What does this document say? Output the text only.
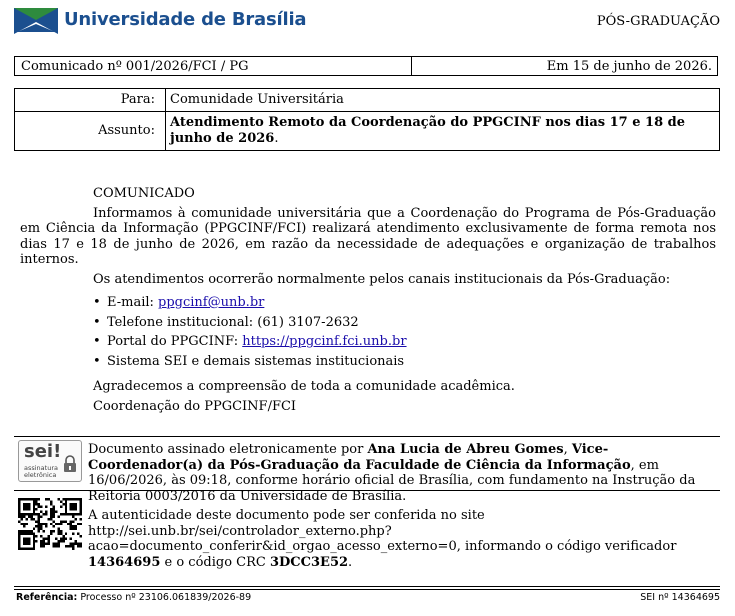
Universidade de Brasília	PÓS-GRADUAÇÃO
Comunicado nº 001/2026/FCI / PG	Em 15 de junho de 2026.
Para:	Comunidade Universitária
Assunto:	Atendimento Remoto da Coordenação do PPGCINF nos dias 17 e 18 de junho de 2026.

COMUNICADO

Informamos à comunidade universitária que a Coordenação do Programa de Pós-Graduação em Ciência da Informação (PPGCINF/FCI) realizará atendimento exclusivamente de forma remota nos dias 17 e 18 de junho de 2026, em razão da necessidade de adequações e organização de trabalhos internos.

Os atendimentos ocorrerão normalmente pelos canais institucionais da Pós-Graduação:

• E-mail: ppgcinf@unb.br
• Telefone institucional: (61) 3107-2632
• Portal do PPGCINF: https://ppgcinf.fci.unb.br
• Sistema SEI e demais sistemas institucionais

Agradecemos a compreensão de toda a comunidade acadêmica.

Coordenação do PPGCINF/FCI

sei!
assinatura
eletrônica
Documento assinado eletronicamente por Ana Lucia de Abreu Gomes, Vice-Coordenador(a) da Pós-Graduação da Faculdade de Ciência da Informação, em 16/06/2026, às 09:18, conforme horário oficial de Brasília, com fundamento na Instrução da Reitoria 0003/2016 da Universidade de Brasília.
A autenticidade deste documento pode ser conferida no site http://sei.unb.br/sei/controlador_externo.php?acao=documento_conferir&id_orgao_acesso_externo=0, informando o código verificador 14364695 e o código CRC 3DCC3E52.
Referência: Processo nº 23106.061839/2026-89	SEI nº 14364695
